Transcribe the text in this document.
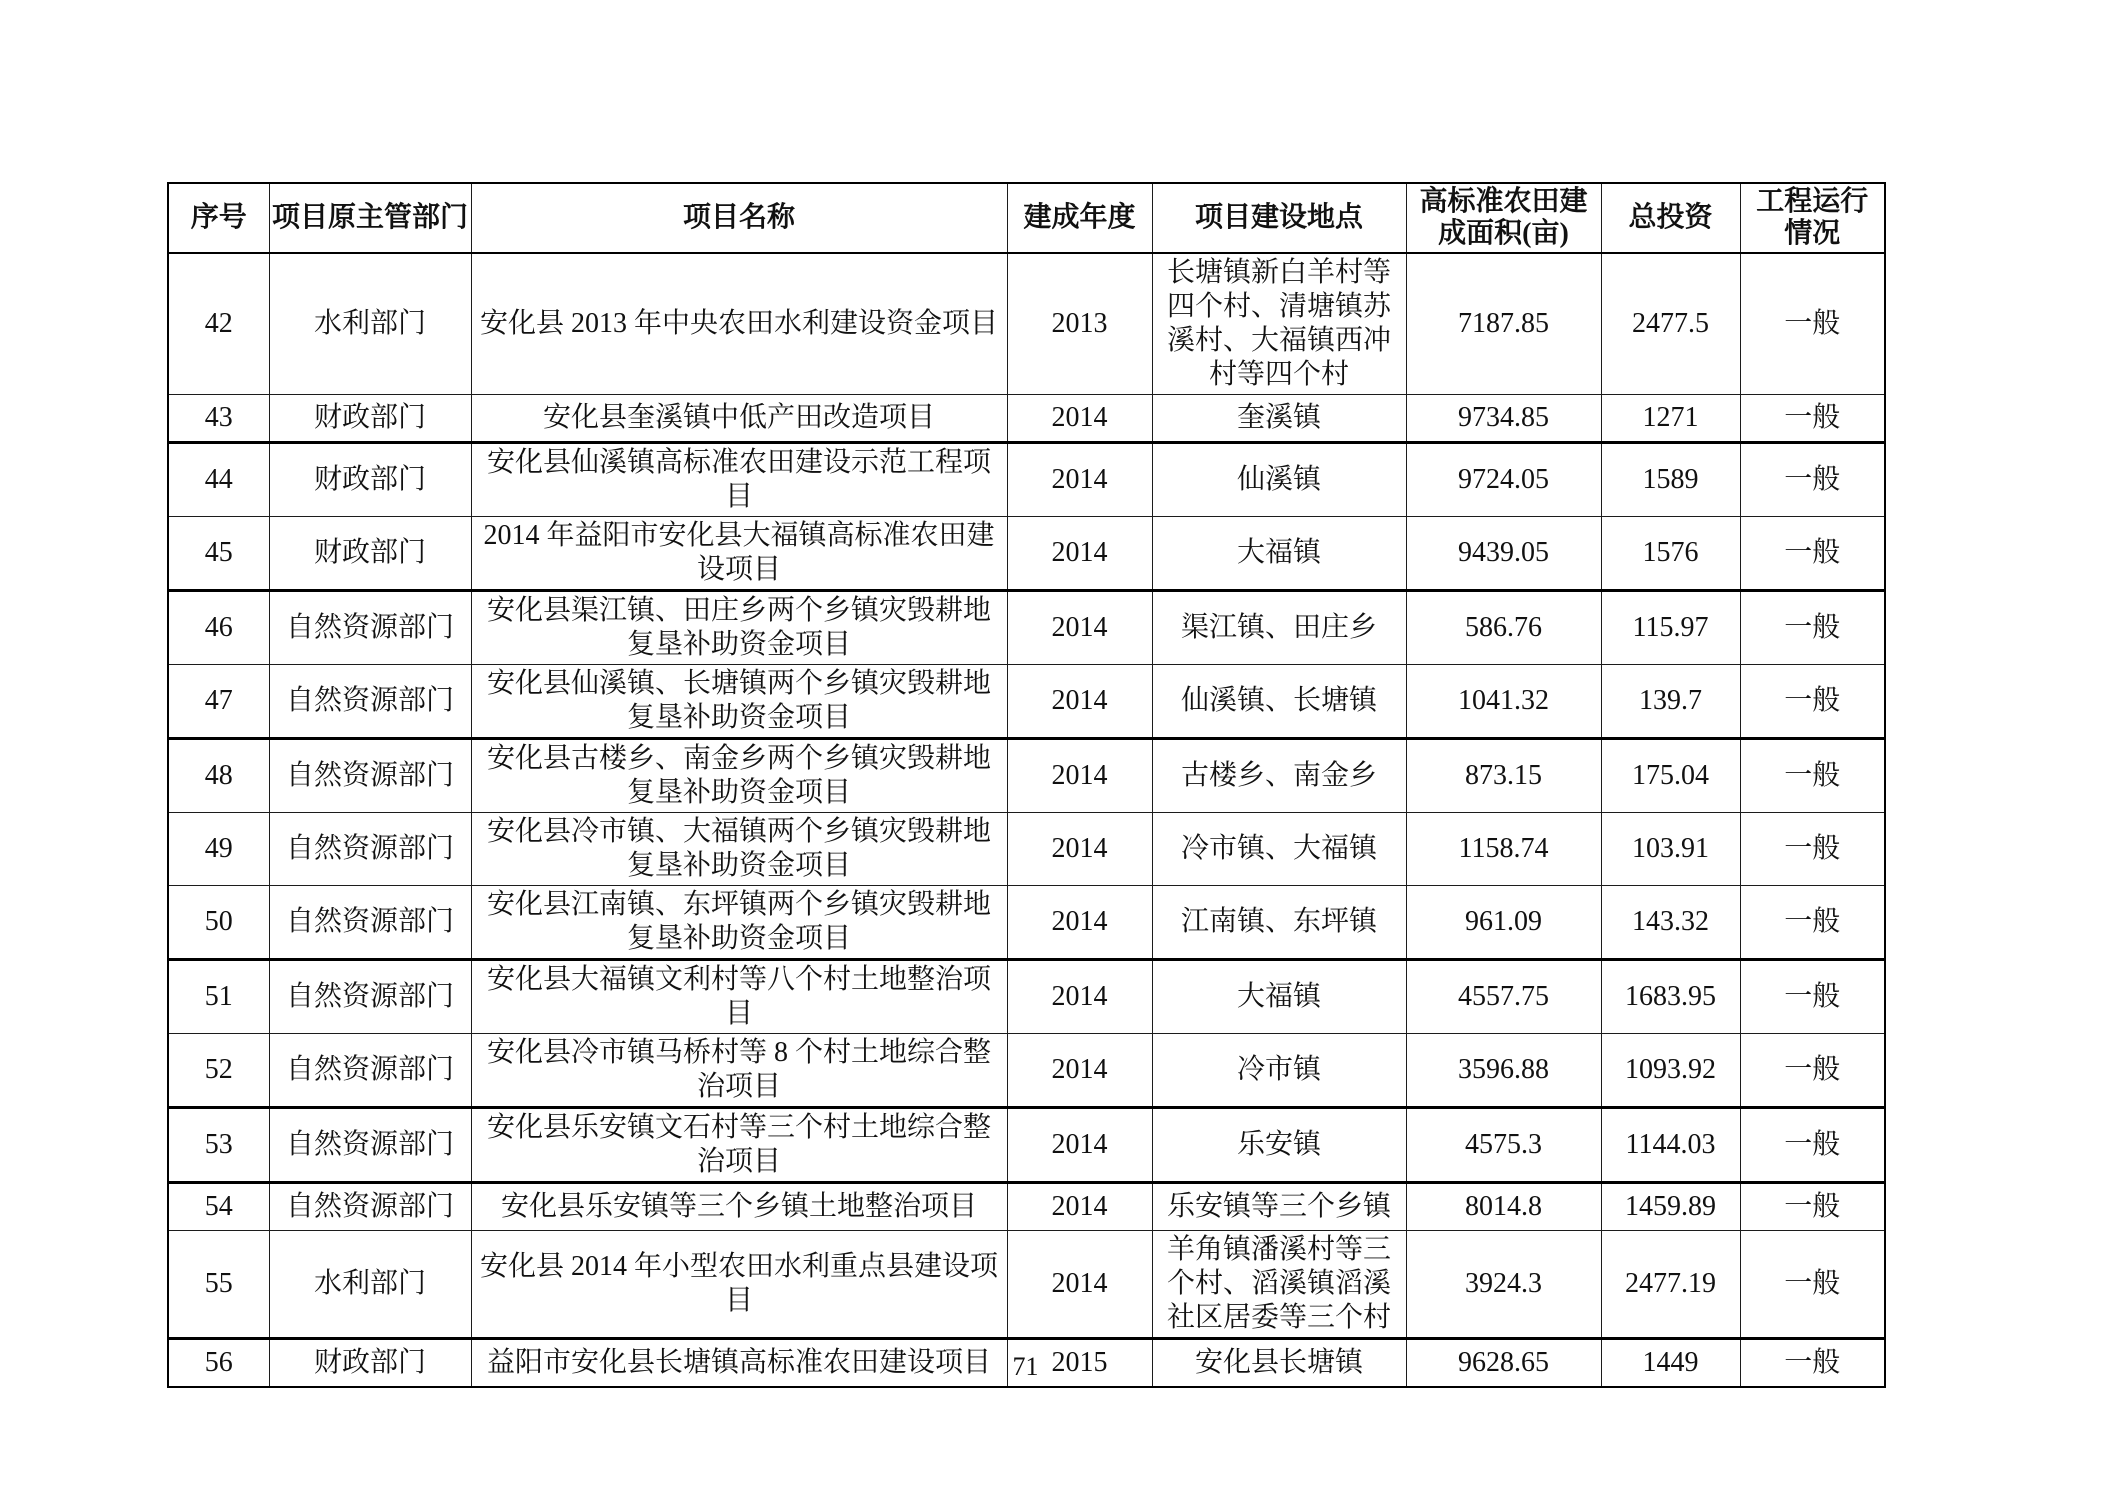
序号	项目原主管部门	项目名称	建成年度	项目建设地点	高标准农田建成面积(亩)	总投资	工程运行情况
42	水利部门	安化县 2013 年中央农田水利建设资金项目	2013	长塘镇新白羊村等四个村、清塘镇苏溪村、大福镇西冲村等四个村	7187.85	2477.5	一般
43	财政部门	安化县奎溪镇中低产田改造项目	2014	奎溪镇	9734.85	1271	一般
44	财政部门	安化县仙溪镇高标准农田建设示范工程项目	2014	仙溪镇	9724.05	1589	一般
45	财政部门	2014 年益阳市安化县大福镇高标准农田建设项目	2014	大福镇	9439.05	1576	一般
46	自然资源部门	安化县渠江镇、田庄乡两个乡镇灾毁耕地复垦补助资金项目	2014	渠江镇、田庄乡	586.76	115.97	一般
47	自然资源部门	安化县仙溪镇、长塘镇两个乡镇灾毁耕地复垦补助资金项目	2014	仙溪镇、长塘镇	1041.32	139.7	一般
48	自然资源部门	安化县古楼乡、南金乡两个乡镇灾毁耕地复垦补助资金项目	2014	古楼乡、南金乡	873.15	175.04	一般
49	自然资源部门	安化县冷市镇、大福镇两个乡镇灾毁耕地复垦补助资金项目	2014	冷市镇、大福镇	1158.74	103.91	一般
50	自然资源部门	安化县江南镇、东坪镇两个乡镇灾毁耕地复垦补助资金项目	2014	江南镇、东坪镇	961.09	143.32	一般
51	自然资源部门	安化县大福镇文利村等八个村土地整治项目	2014	大福镇	4557.75	1683.95	一般
52	自然资源部门	安化县冷市镇马桥村等 8 个村土地综合整治项目	2014	冷市镇	3596.88	1093.92	一般
53	自然资源部门	安化县乐安镇文石村等三个村土地综合整治项目	2014	乐安镇	4575.3	1144.03	一般
54	自然资源部门	安化县乐安镇等三个乡镇土地整治项目	2014	乐安镇等三个乡镇	8014.8	1459.89	一般
55	水利部门	安化县 2014 年小型农田水利重点县建设项目	2014	羊角镇潘溪村等三个村、滔溪镇滔溪社区居委等三个村	3924.3	2477.19	一般
56	财政部门	益阳市安化县长塘镇高标准农田建设项目	2015	安化县长塘镇	9628.65	1449	一般
71
